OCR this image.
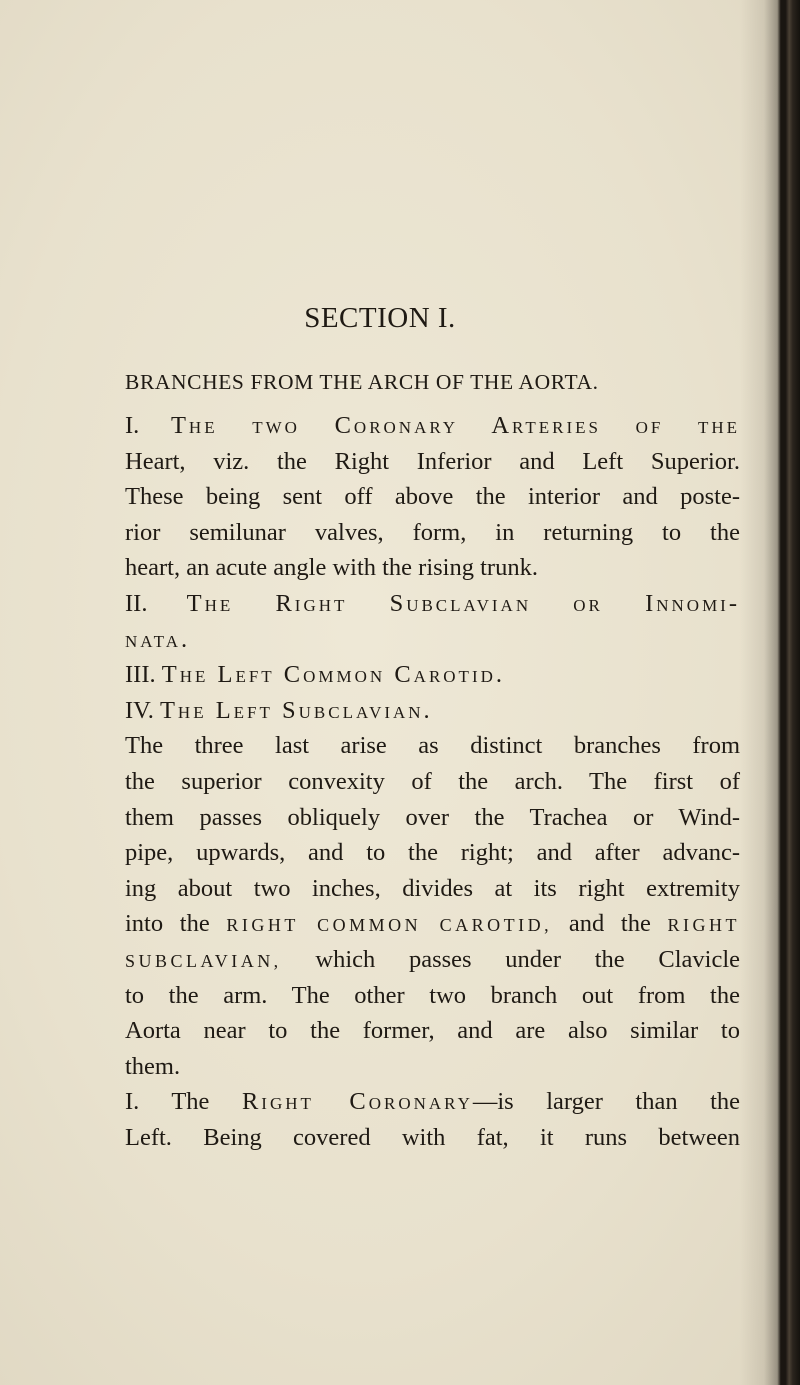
SECTION I.
BRANCHES FROM THE ARCH OF THE AORTA.
I. The two Coronary Arteries of the
Heart, viz. the Right Inferior and Left Superior.
These being sent off above the interior and poste-
rior semilunar valves, form, in returning to the
heart, an acute angle with the rising trunk.
II. The Right Subclavian or Innomi-
nata.
III. The Left Common Carotid.
IV. The Left Subclavian.
The three last arise as distinct branches from
the superior convexity of the arch. The first of
them passes obliquely over the Trachea or Wind-
pipe, upwards, and to the right; and after advanc-
ing about two inches, divides at its right extremity
into the RIGHT COMMON CAROTID, and the RIGHT
SUBCLAVIAN, which passes under the Clavicle
to the arm. The other two branch out from the
Aorta near to the former, and are also similar to
them.
I. The Right Coronary—is larger than the
Left. Being covered with fat, it runs between
